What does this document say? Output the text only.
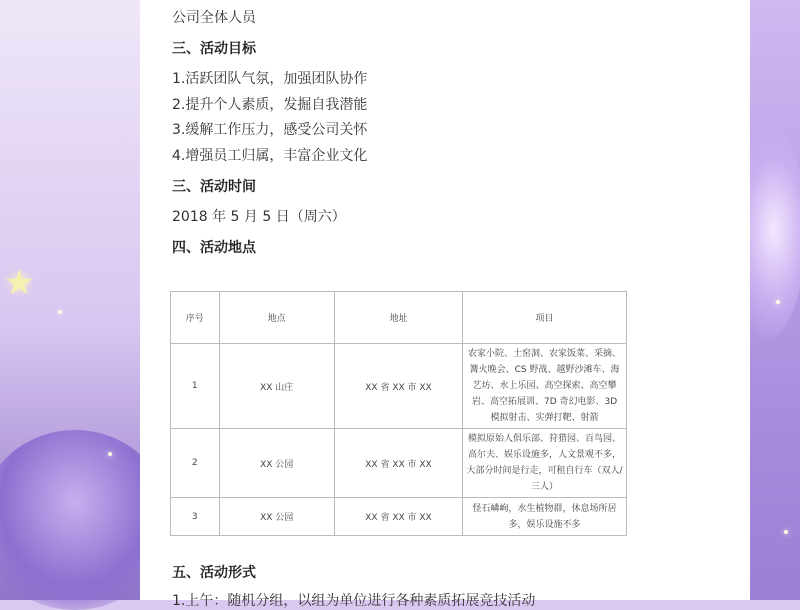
★
公司全体人员
三、活动目标
1.活跃团队气氛，加强团队协作
2.提升个人素质，发掘自我潜能
3.缓解工作压力，感受公司关怀
4.增强员工归属，丰富企业文化
三、活动时间
2018 年 5 月 5 日（周六）
四、活动地点
序号	地点	地址	项目
1	XX 山庄	XX 省 XX 市 XX	农家小院、土窑洞、农家饭菜、采摘、篝火晚会、CS 野战、越野沙滩车、海艺坊、水上乐园、高空探索、高空攀岩、高空拓展训、7D 奇幻电影、3D 模拟射击、实弹打靶、射箭
2	XX 公园	XX 省 XX 市 XX	模拟原始人俱乐部、狩猎园、百鸟园、高尔夫、娱乐设施多，人文景观不多，大部分时间是行走，可租自行车（双人/三人）
3	XX 公园	XX 省 XX 市 XX	怪石嶙峋，水生植物群，休息场所居多，娱乐设施不多
五、活动形式
1.上午：随机分组，以组为单位进行各种素质拓展竞技活动
